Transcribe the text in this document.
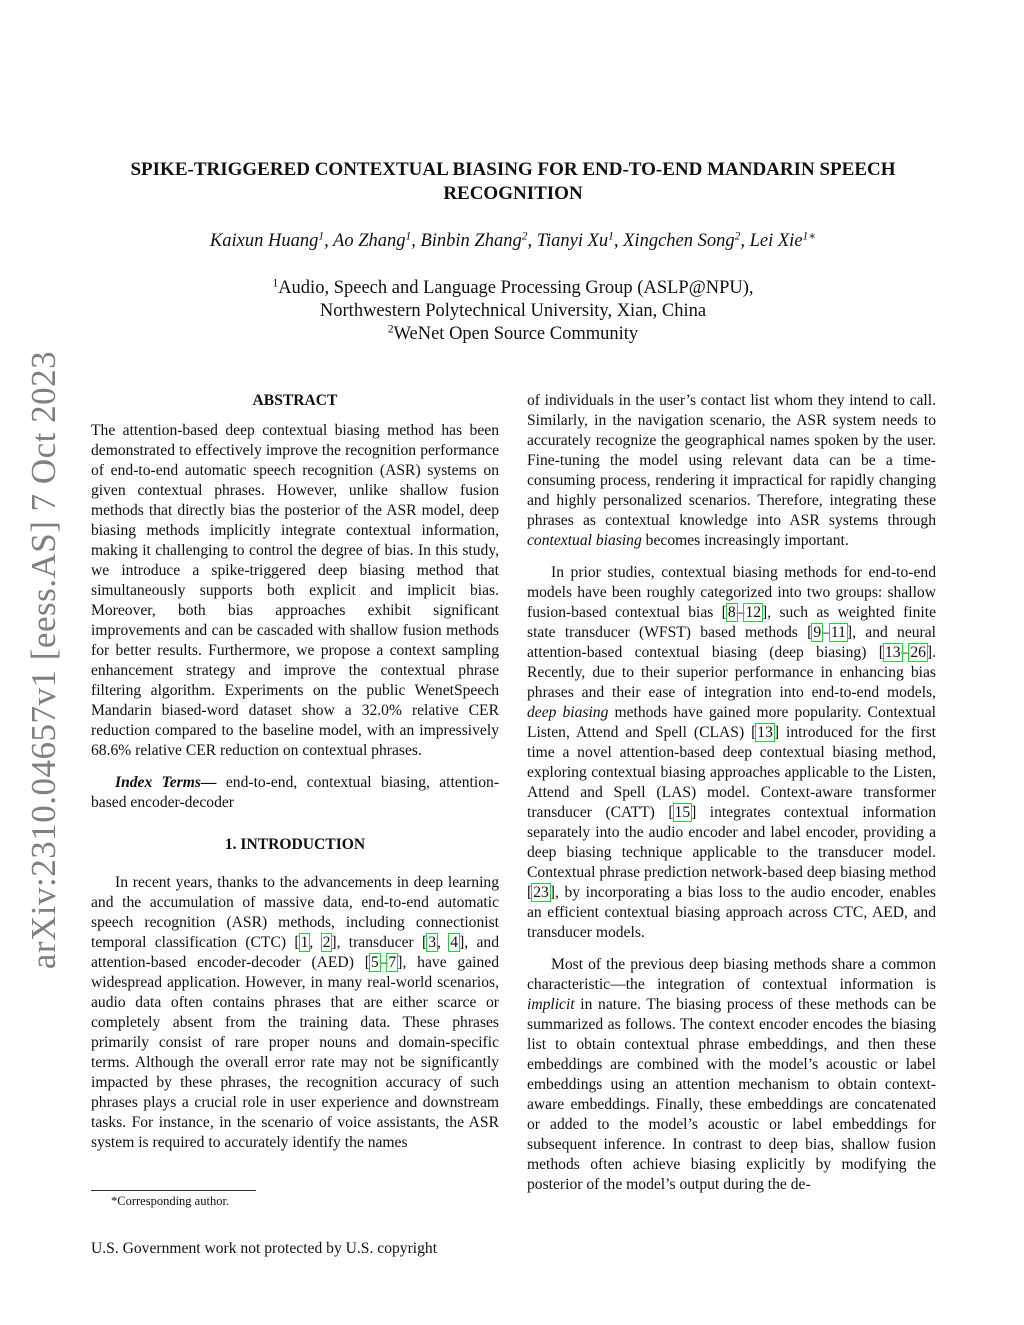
arXiv:2310.04657v1 [eess.AS] 7 Oct 2023
SPIKE-TRIGGERED CONTEXTUAL BIASING FOR END-TO-END MANDARIN SPEECH
RECOGNITION
Kaixun Huang$^1$, Ao Zhang$^1$, Binbin Zhang$^2$, Tianyi Xu$^1$, Xingchen Song$^2$, Lei Xie$^{1∗}$
$^1$Audio, Speech and Language Processing Group (ASLP@NPU),
Northwestern Polytechnical University, Xian, China
$^2$WeNet Open Source Community
ABSTRACT

The attention-based deep contextual biasing method has been demonstrated to effectively improve the recognition performance of end-to-end automatic speech recognition (ASR) systems on given contextual phrases. However, unlike shallow fusion methods that directly bias the posterior of the ASR model, deep biasing methods implicitly integrate contextual information, making it challenging to control the degree of bias. In this study, we introduce a spike-triggered deep biasing method that simultaneously supports both explicit and implicit bias. Moreover, both bias approaches exhibit significant improvements and can be cascaded with shallow fusion methods for better results. Furthermore, we propose a context sampling enhancement strategy and improve the contextual phrase filtering algorithm. Experiments on the public WenetSpeech Mandarin biased-word dataset show a 32.0% relative CER reduction compared to the baseline model, with an impressively 68.6% relative CER reduction on contextual phrases.

Index Terms— end-to-end, contextual biasing, attention-based encoder-decoder

1. INTRODUCTION

In recent years, thanks to the advancements in deep learning and the accumulation of massive data, end-to-end automatic speech recognition (ASR) methods, including connectionist temporal classification (CTC) [1, 2], transducer [3, 4], and attention-based encoder-decoder (AED) [5–7], have gained widespread application. However, in many real-world scenarios, audio data often contains phrases that are either scarce or completely absent from the training data. These phrases primarily consist of rare proper nouns and domain-specific terms. Although the overall error rate may not be significantly impacted by these phrases, the recognition accuracy of such phrases plays a crucial role in user experience and downstream tasks. For instance, in the scenario of voice assistants, the ASR system is required to accurately identify the names

of individuals in the user’s contact list whom they intend to call. Similarly, in the navigation scenario, the ASR system needs to accurately recognize the geographical names spoken by the user. Fine-tuning the model using relevant data can be a time-consuming process, rendering it impractical for rapidly changing and highly personalized scenarios. Therefore, integrating these phrases as contextual knowledge into ASR systems through contextual biasing becomes increasingly important.

In prior studies, contextual biasing methods for end-to-end models have been roughly categorized into two groups: shallow fusion-based contextual bias [8–12], such as weighted finite state transducer (WFST) based methods [9–11], and neural attention-based contextual biasing (deep biasing) [13–26]. Recently, due to their superior performance in enhancing bias phrases and their ease of integration into end-to-end models, deep biasing methods have gained more popularity. Contextual Listen, Attend and Spell (CLAS) [13] introduced for the first time a novel attention-based deep contextual biasing method, exploring contextual biasing approaches applicable to the Listen, Attend and Spell (LAS) model. Context-aware transformer transducer (CATT) [15] integrates contextual information separately into the audio encoder and label encoder, providing a deep biasing technique applicable to the transducer model. Contextual phrase prediction network-based deep biasing method [23], by incorporating a bias loss to the audio encoder, enables an efficient contextual biasing approach across CTC, AED, and transducer models.

Most of the previous deep biasing methods share a common characteristic—the integration of contextual information is implicit in nature. The biasing process of these methods can be summarized as follows. The context encoder encodes the biasing list to obtain contextual phrase embeddings, and then these embeddings are combined with the model’s acoustic or label embeddings using an attention mechanism to obtain context-aware embeddings. Finally, these embeddings are concatenated or added to the model’s acoustic or label embeddings for subsequent inference. In contrast to deep bias, shallow fusion methods often achieve biasing explicitly by modifying the posterior of the model’s output during the de-

*Corresponding author.
U.S. Government work not protected by U.S. copyright
